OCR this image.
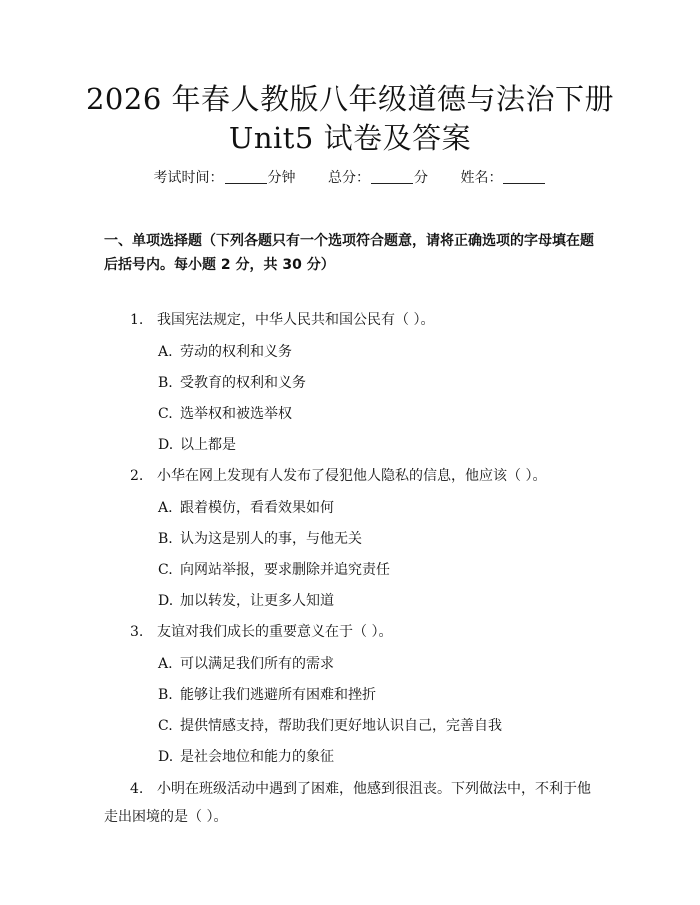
2026 年春人教版八年级道德与法治下册
Unit5 试卷及答案
考试时间：	分钟 总分：	分 姓名：
一、单项选择题（下列各题只有一个选项符合题意，请将正确选项的字母填在题后括号内。每小题 2 分，共 30 分）
1. 我国宪法规定，中华人民共和国公民有（ ）。
A. 劳动的权利和义务
B. 受教育的权利和义务
C. 选举权和被选举权
D. 以上都是
2. 小华在网上发现有人发布了侵犯他人隐私的信息，他应该（ ）。
A. 跟着模仿，看看效果如何
B. 认为这是别人的事，与他无关
C. 向网站举报，要求删除并追究责任
D. 加以转发，让更多人知道
3. 友谊对我们成长的重要意义在于（ ）。
A. 可以满足我们所有的需求
B. 能够让我们逃避所有困难和挫折
C. 提供情感支持，帮助我们更好地认识自己，完善自我
D. 是社会地位和能力的象征
4. 小明在班级活动中遇到了困难，他感到很沮丧。下列做法中，不利于他走出困境的是（ ）。
